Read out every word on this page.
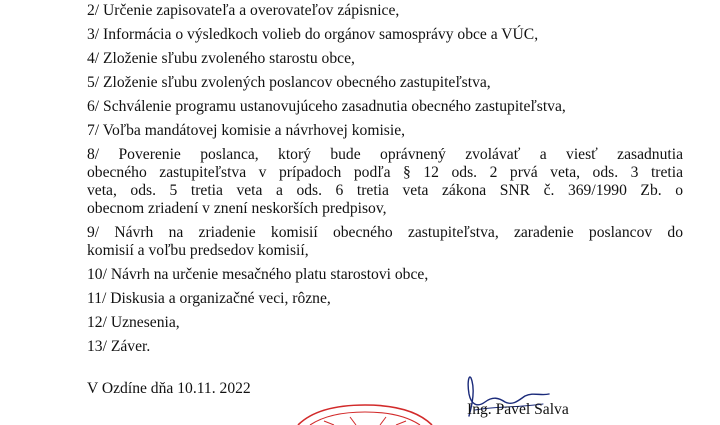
2/ Určenie zapisovateľa a overovateľov zápisnice,
3/ Informácia o výsledkoch volieb do orgánov samosprávy obce a VÚC,
4/ Zloženie sľubu zvoleného starostu obce,
5/ Zloženie sľubu zvolených poslancov obecného zastupiteľstva,
6/ Schválenie programu ustanovujúceho zasadnutia obecného zastupiteľstva,
7/ Voľba mandátovej komisie a návrhovej komisie,
8/ Poverenie poslanca, ktorý bude oprávnený zvolávať a viesť zasadnutia
obecného zastupiteľstva v prípadoch podľa § 12 ods. 2 prvá veta, ods. 3 tretia
veta, ods. 5 tretia veta a ods. 6 tretia veta zákona SNR č. 369/1990 Zb. o
obecnom zriadení v znení neskorších predpisov,
9/ Návrh na zriadenie komisií obecného zastupiteľstva, zaradenie poslancov do
komisií a voľbu predsedov komisií,
10/ Návrh na určenie mesačného platu starostovi obce,
11/ Diskusia a organizačné veci, rôzne,
12/ Uznesenia,
13/ Záver.
V Ozdíne dňa 10.11. 2022
Ing. Pavel Salva
